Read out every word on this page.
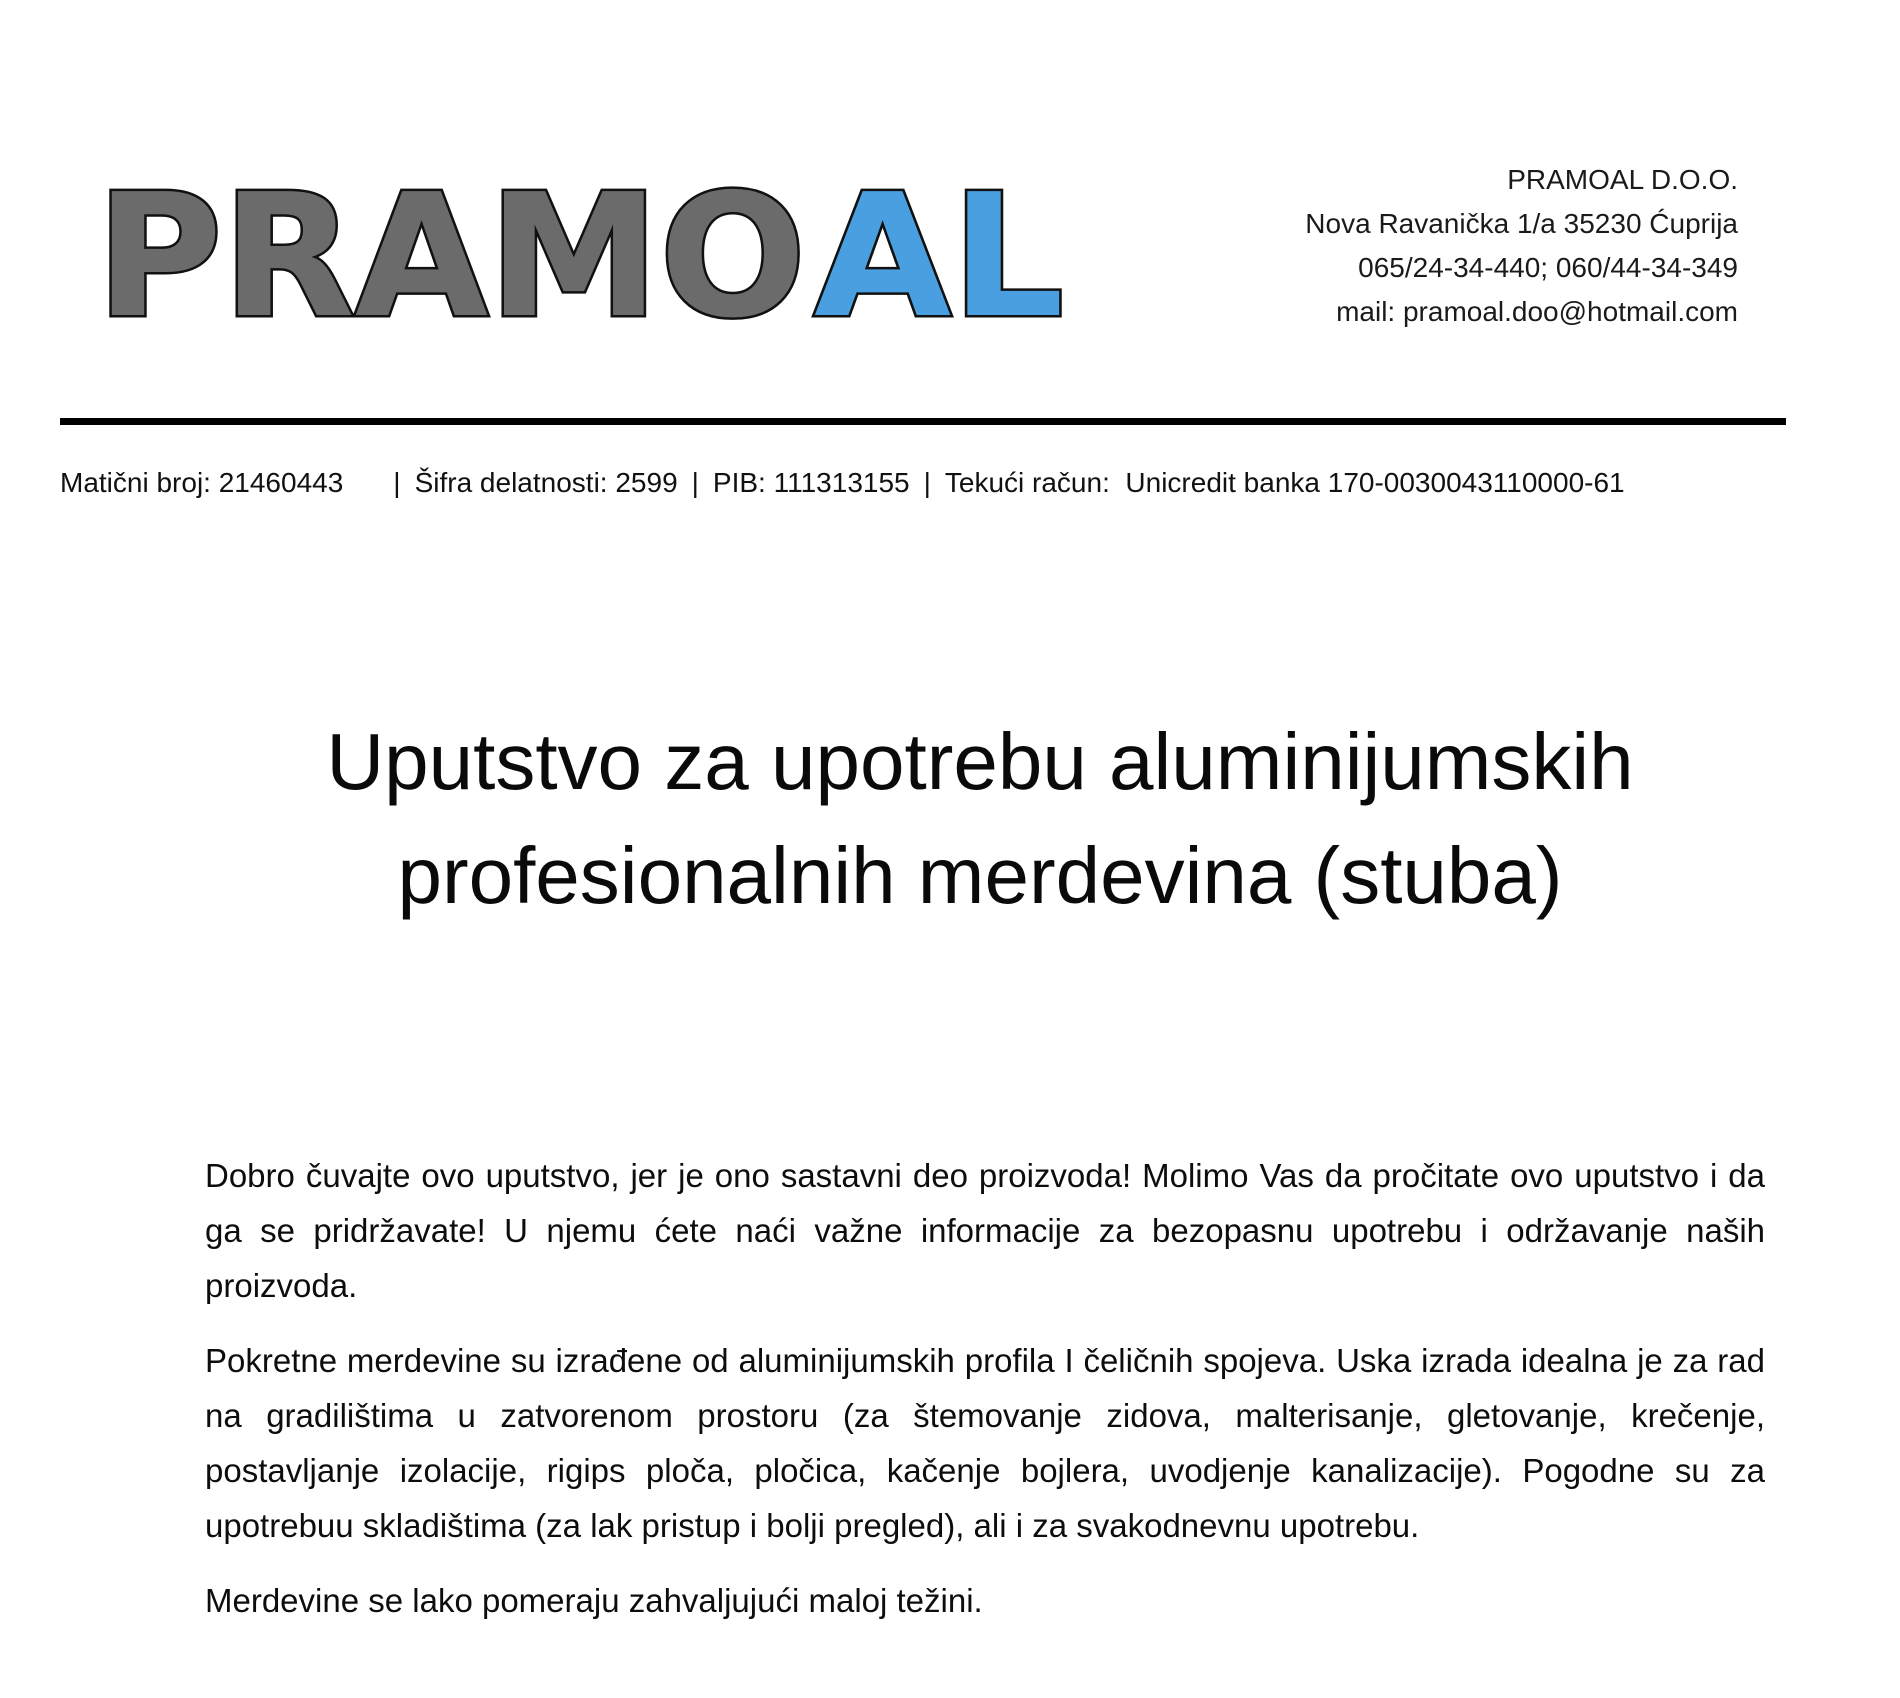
PRAMO AL	PRAMOAL D.O.O.
Nova Ravanička 1/a 35230 Ćuprija
065/24-34-440; 060/44-34-349
mail: pramoal.doo@hotmail.com
Matični broj: 21460443 | Šifra delatnosti: 2599 | PIB: 111313155 | Tekući račun:  Unicredit banka 170-0030043110000-61
Uputstvo za upotrebu aluminijumskih
profesionalnih merdevina (stuba)

Dobro čuvajte ovo uputstvo, jer je ono sastavni deo proizvoda! Molimo Vas da pročitate ovo uputstvo i da ga se pridržavate! U njemu ćete naći važne informacije za bezopasnu upotrebu i održavanje naših proizvoda.

Pokretne merdevine su izrađene od aluminijumskih profila I čeličnih spojeva. Uska izrada idealna je za rad na gradilištima u zatvorenom prostoru (za štemovanje zidova, malterisanje, gletovanje, krečenje, postavljanje izolacije, rigips ploča, pločica, kačenje bojlera, uvodjenje kanalizacije). Pogodne su za upotrebuu skladištima (za lak pristup i bolji pregled), ali i za svakodnevnu upotrebu.

Merdevine se lako pomeraju zahvaljujući maloj težini.
